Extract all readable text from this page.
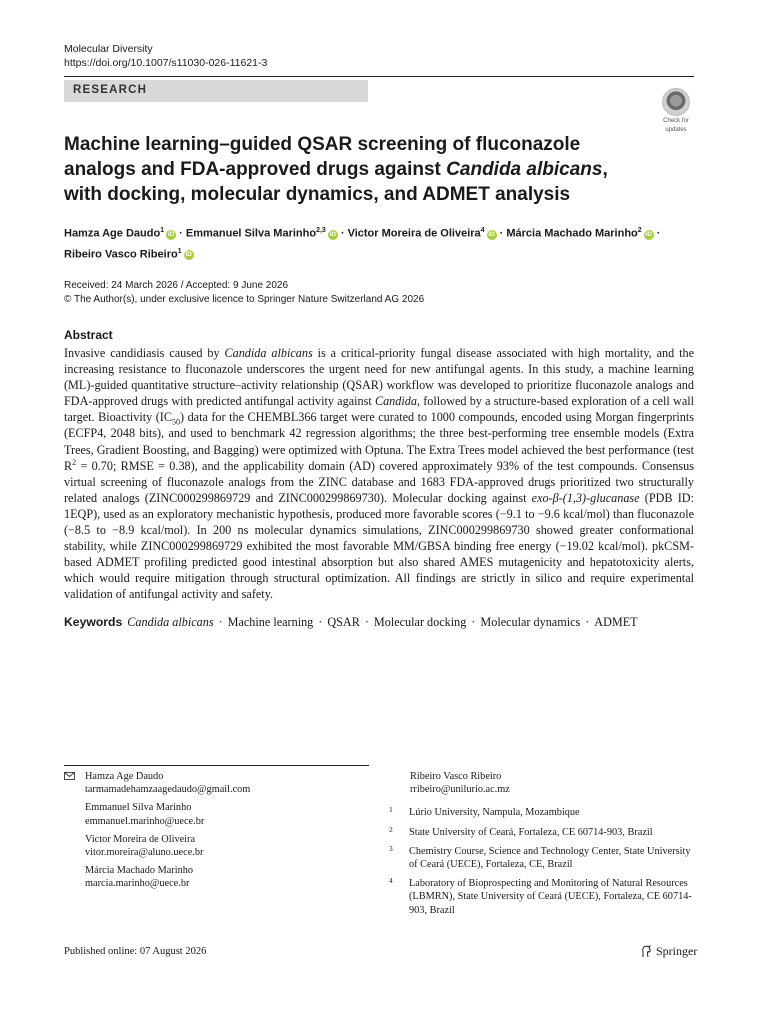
Molecular Diversity
https://doi.org/10.1007/s11030-026-11621-3
RESEARCH
Check for
updates
Machine learning–guided QSAR screening of fluconazole analogs and FDA-approved drugs against Candida albicans, with docking, molecular dynamics, and ADMET analysis
Hamza Age Daudo$^1$iD · Emmanuel Silva Marinho$^{2,3}$iD · Victor Moreira de Oliveira$^4$iD · Márcia Machado Marinho$^2$iD ·
Ribeiro Vasco Ribeiro$^1$iD
Received: 24 March 2026 / Accepted: 9 June 2026
© The Author(s), under exclusive licence to Springer Nature Switzerland AG 2026
Abstract

Invasive candidiasis caused by Candida albicans is a critical-priority fungal disease associated with high mortality, and the increasing resistance to fluconazole underscores the urgent need for new antifungal agents. In this study, a machine learning (ML)-guided quantitative structure–activity relationship (QSAR) workflow was developed to prioritize fluconazole analogs and FDA-approved drugs with predicted antifungal activity against Candida, followed by a structure-based exploration of a cell wall target. Bioactivity $(IC_{50})$ data for the CHEMBL366 target were curated to 1000 compounds, encoded using Morgan fingerprints (ECFP4, 2048 bits), and used to benchmark 42 regression algorithms; the three best-performing tree ensemble models (Extra Trees, Gradient Boosting, and Bagging) were optimized with Optuna. The Extra Trees model achieved the best performance (test $R^2 = 0.70$; RMSE = 0.38), and the applicability domain (AD) covered approximately 93% of the test compounds. Consensus virtual screening of fluconazole analogs from the ZINC database and 1683 FDA-approved drugs prioritized two structurally related analogs (ZINC000299869729 and ZINC000299869730). Molecular docking against exo-β-(1,3)-glucanase (PDB ID: 1EQP), used as an exploratory mechanistic hypothesis, produced more favorable scores (−9.1 to −9.6 kcal/mol) than fluconazole (−8.5 to −8.9 kcal/mol). In 200 ns molecular dynamics simulations, ZINC000299869730 showed greater conformational stability, while ZINC000299869729 exhibited the most favorable MM/GBSA binding free energy (−19.02 kcal/mol). pkCSM-based ADMET profiling predicted good intestinal absorption but also shared AMES mutagenicity and hepatotoxicity alerts, which would require mitigation through structural optimization. All findings are strictly in silico and require experimental validation of antifungal activity and safety.

Keywords Candida albicans · Machine learning · QSAR · Molecular docking · Molecular dynamics · ADMET
Hamza Age Daudo
tarmamadehamzaagedaudo@gmail.com
Emmanuel Silva Marinho
emmanuel.marinho@uece.br
Victor Moreira de Oliveira
vitor.moreira@aluno.uece.br
Márcia Machado Marinho
marcia.marinho@uece.br
Ribeiro Vasco Ribeiro
rribeiro@unilurio.ac.mz
1 Lúrio University, Nampula, Mozambique
2 State University of Ceará, Fortaleza, CE 60714-903, Brazil
3 Chemistry Course, Science and Technology Center, State University of Ceará (UECE), Fortaleza, CE, Brazil
4 Laboratory of Bioprospecting and Monitoring of Natural Resources (LBMRN), State University of Ceará (UECE), Fortaleza, CE 60714-903, Brazil
Published online: 07 August 2026	Springer
